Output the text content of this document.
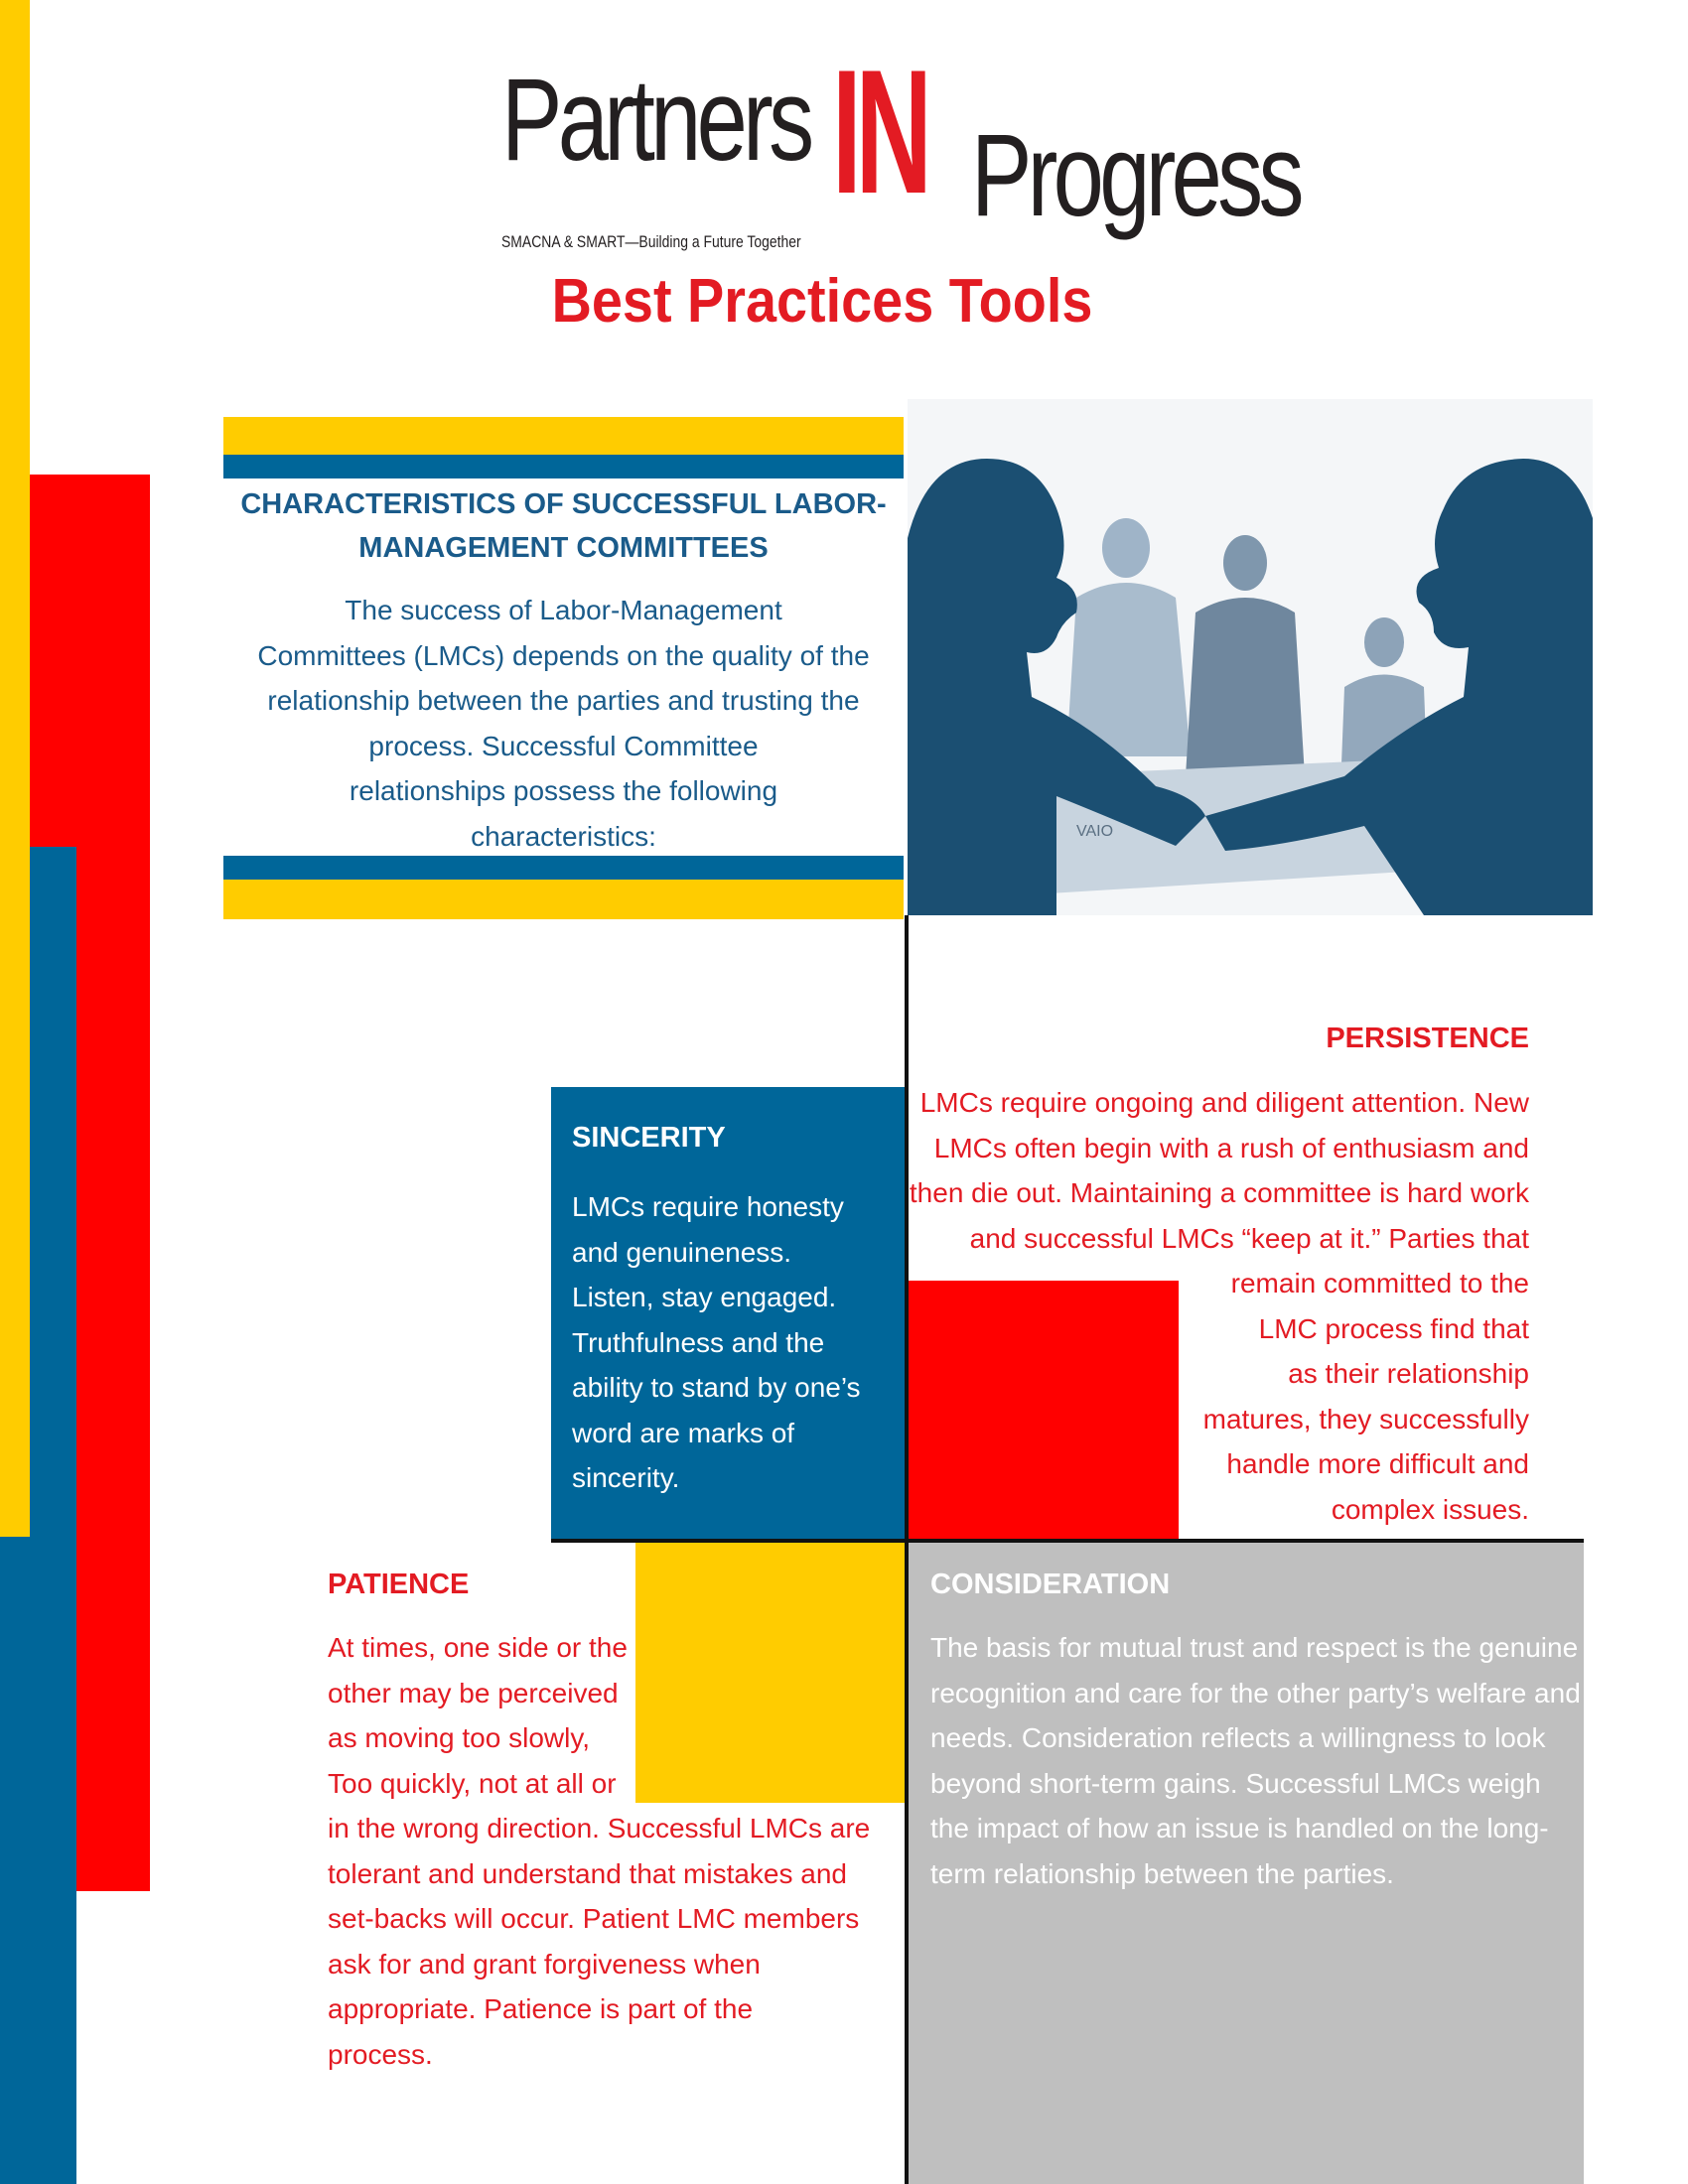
Partners IN Progress
SMACNA & SMART—Building a Future Together
Best Practices Tools
CHARACTERISTICS OF SUCCESSFUL LABOR-
MANAGEMENT COMMITTEES
The success of Labor-Management
Committees (LMCs) depends on the quality of the
relationship between the parties and trusting the
process. Successful Committee
relationships possess the following
characteristics:	VAIO
SINCERITY
LMCs require honesty
and genuineness.
Listen, stay engaged.
Truthfulness and the
ability to stand by one’s
word are marks of
sincerity.
PERSISTENCE
LMCs require ongoing and diligent attention. New
LMCs often begin with a rush of enthusiasm and
then die out. Maintaining a committee is hard work
and successful LMCs “keep at it.” Parties that
remain committed to the
LMC process find that
as their relationship
matures, they successfully
handle more difficult and
complex issues.
PATIENCE
At times, one side or the
other may be perceived
as moving too slowly,
Too quickly, not at all or
in the wrong direction. Successful LMCs are
tolerant and understand that mistakes and
set-backs will occur. Patient LMC members
ask for and grant forgiveness when
appropriate. Patience is part of the
process.
CONSIDERATION
The basis for mutual trust and respect is the genuine
recognition and care for the other party’s welfare and
needs. Consideration reflects a willingness to look
beyond short-term gains. Successful LMCs weigh
the impact of how an issue is handled on the long-
term relationship between the parties.
